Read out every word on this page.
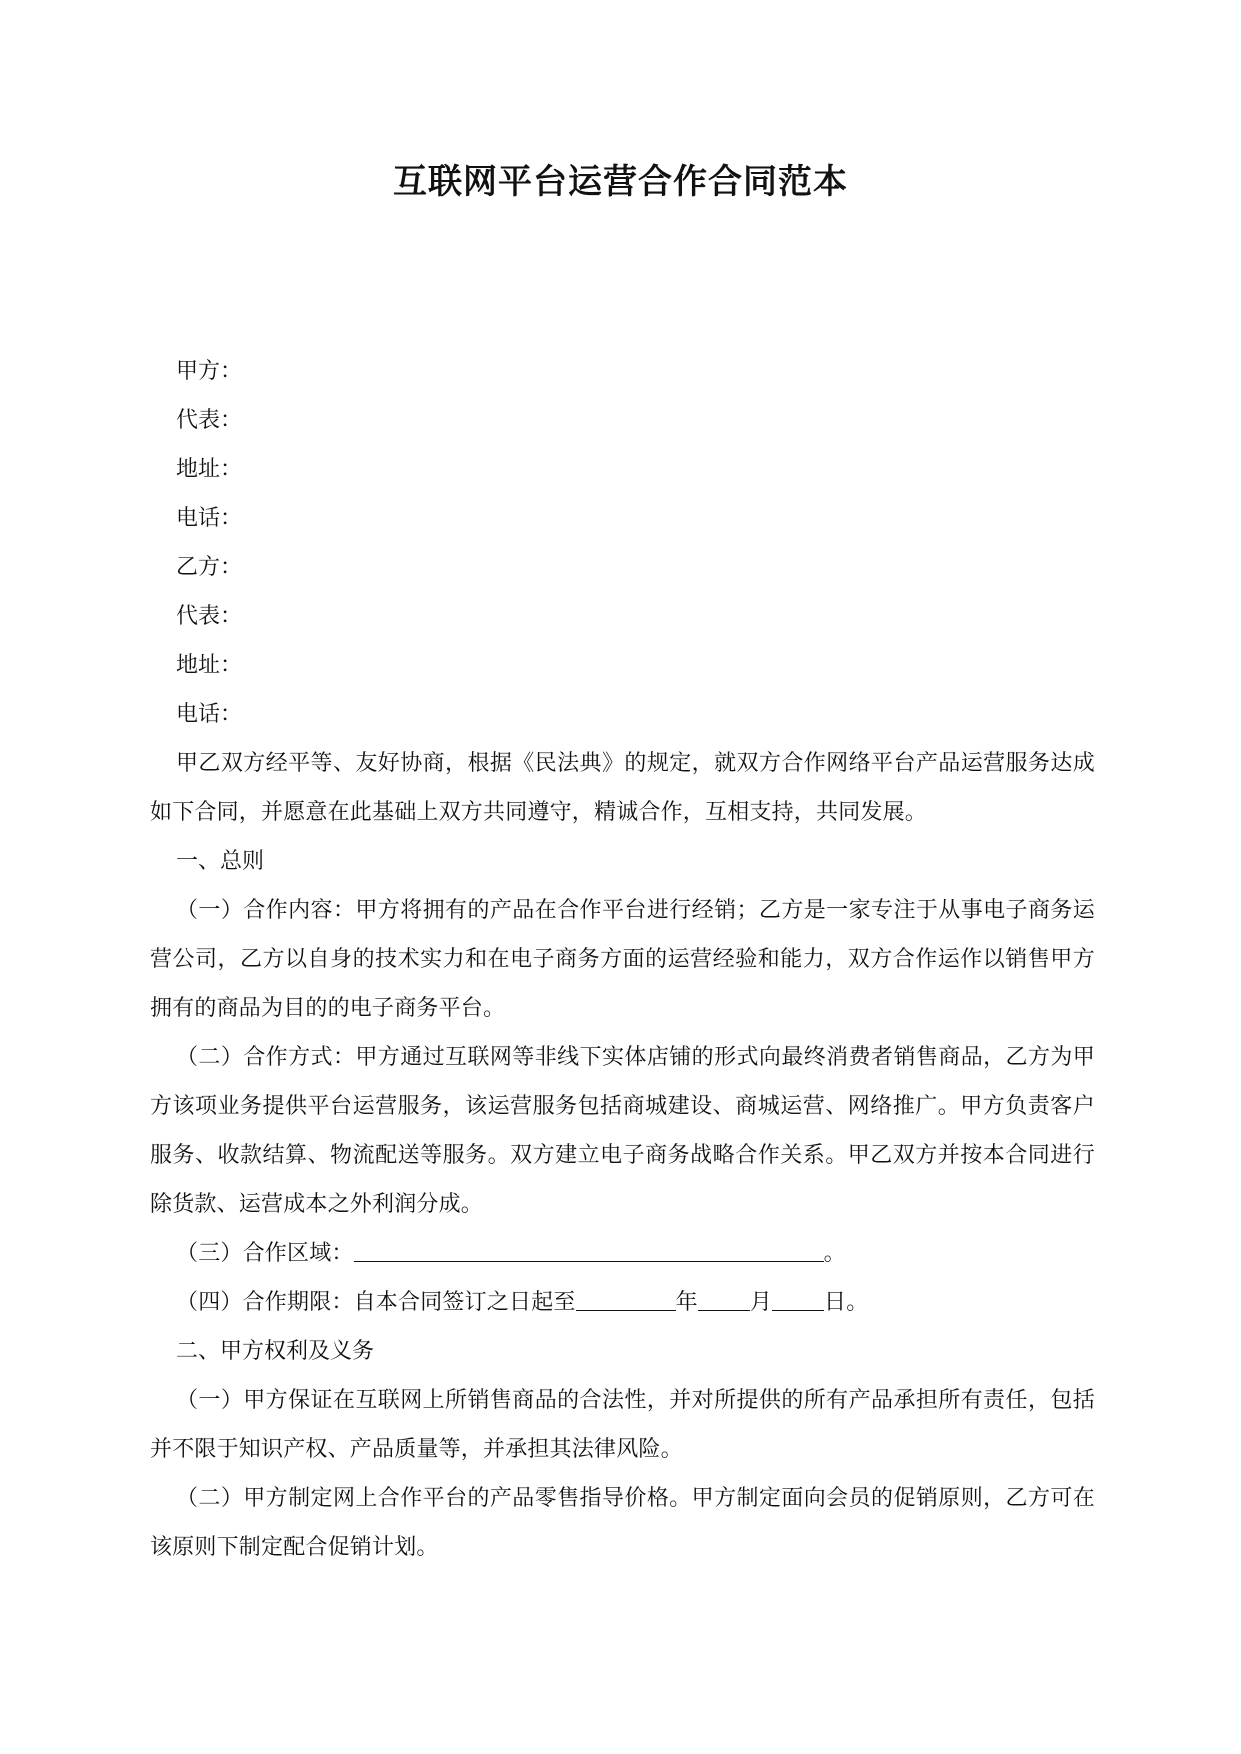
互联网平台运营合作合同范本
甲方：
代表：
地址：
电话：
乙方：
代表：
地址：
电话：

甲乙双方经平等、友好协商，根据《民法典》的规定，就双方合作网络平台产品运营服务达成如下合同，并愿意在此基础上双方共同遵守，精诚合作，互相支持，共同发展。

一、总则

（一）合作内容：甲方将拥有的产品在合作平台进行经销；乙方是一家专注于从事电子商务运营公司，乙方以自身的技术实力和在电子商务方面的运营经验和能力，双方合作运作以销售甲方拥有的商品为目的的电子商务平台。

（二）合作方式：甲方通过互联网等非线下实体店铺的形式向最终消费者销售商品，乙方为甲方该项业务提供平台运营服务，该运营服务包括商城建设、商城运营、网络推广。甲方负责客户服务、收款结算、物流配送等服务。双方建立电子商务战略合作关系。甲乙双方并按本合同进行除货款、运营成本之外利润分成。

（三）合作区域：	。

（四）合作期限：自本合同签订之日起至	年 月 日。

二、甲方权利及义务

（一）甲方保证在互联网上所销售商品的合法性，并对所提供的所有产品承担所有责任，包括并不限于知识产权、产品质量等，并承担其法律风险。

（二）甲方制定网上合作平台的产品零售指导价格。甲方制定面向会员的促销原则，乙方可在该原则下制定配合促销计划。
